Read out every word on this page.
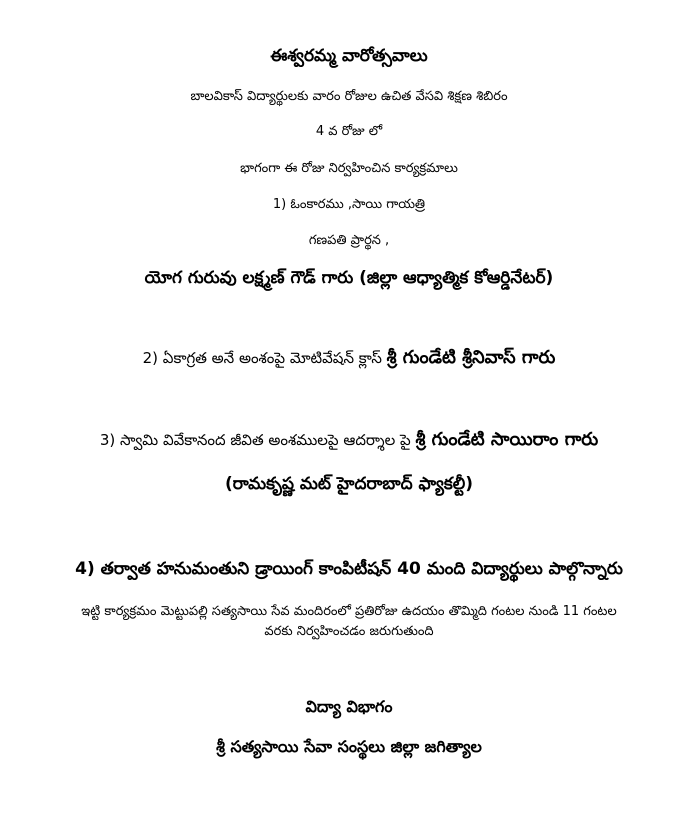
ఈశ్వరమ్మ వారోత్సవాలు
బాలవికాస్ విద్యార్థులకు వారం రోజుల ఉచిత వేసవి శిక్షణ శిబిరం
4 వ రోజు లో
భాగంగా ఈ రోజు నిర్వహించిన కార్యక్రమాలు
1) ఓంకారము ,సాయి గాయత్రి
గణపతి ప్రార్థన ,
యోగ గురువు లక్ష్మణ్ గౌడ్ గారు (జిల్లా ఆధ్యాత్మిక కోఆర్డినేటర్)
2) ఏకాగ్రత అనే అంశంపై మోటివేషన్ క్లాస్ శ్రీ గుండేటి శ్రీనివాస్ గారు
3) స్వామి వివేకానంద జీవిత అంశములపై ఆదర్శాల పై శ్రీ గుండేటి సాయిరాం గారు
(రామకృష్ణ మట్ హైదరాబాద్ ఫ్యాకల్టీ)
4) తర్వాత హనుమంతుని డ్రాయింగ్ కాంపిటీషన్ 40 మంది విద్యార్థులు పాల్గొన్నారు
ఇట్టి కార్యక్రమం మెట్టుపల్లి సత్యసాయి సేవ మందిరంలో ప్రతిరోజు ఉదయం తొమ్మిది గంటల నుండి 11 గంటల
వరకు నిర్వహించడం జరుగుతుంది
విద్యా విభాగం
శ్రీ సత్యసాయి సేవా సంస్థలు జిల్లా జగిత్యాల
